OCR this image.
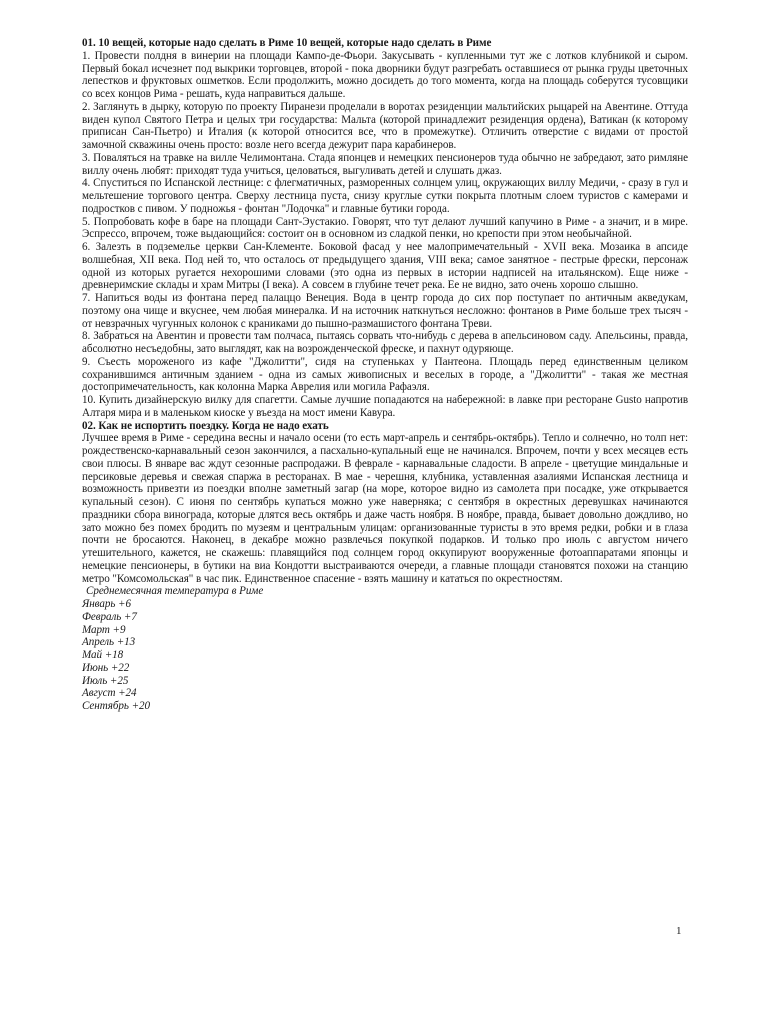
01. 10 вещей, которые надо сделать в Риме 10 вещей, которые надо сделать в Риме

1. Провести полдня в винерии на площади Кампо-де-Фьори. Закусывать - купленными тут же с лотков клубникой и сыром. Первый бокал исчезнет под выкрики торговцев, второй - пока дворники будут разгребать оставшиеся от рынка груды цветочных лепестков и фруктовых ошметков. Если продолжить, можно досидеть до того момента, когда на площадь соберутся тусовщики со всех концов Рима - решать, куда направиться дальше.

2. Заглянуть в дырку, которую по проекту Пиранези проделали в воротах резиденции мальтийских рыцарей на Авентине. Оттуда виден купол Святого Петра и целых три государства: Мальта (которой принадлежит резиденция ордена), Ватикан (к которому приписан Сан-Пьетро) и Италия (к которой относится все, что в промежутке). Отличить отверстие с видами от простой замочной скважины очень просто: возле него всегда дежурит пара карабинеров.

3. Поваляться на травке на вилле Челимонтана. Стада японцев и немецких пенсионеров туда обычно не забредают, зато римляне виллу очень любят: приходят туда учиться, целоваться, выгуливать детей и слушать джаз.

4. Спуститься по Испанской лестнице: с флегматичных, разморенных солнцем улиц, окружающих виллу Медичи, - сразу в гул и мельтешение торгового центра. Сверху лестница пуста, снизу круглые сутки покрыта плотным слоем туристов с камерами и подростков с пивом. У подножья - фонтан "Лодочка" и главные бутики города.

5. Попробовать кофе в баре на площади Сант-Эустакио. Говорят, что тут делают лучший капучино в Риме - а значит, и в мире. Эспрессо, впрочем, тоже выдающийся: состоит он в основном из сладкой пенки, но крепости при этом необычайной.

6. Залезть в подземелье церкви Сан-Клементе. Боковой фасад у нее малопримечательный - XVII века. Мозаика в апсиде волшебная, XII века. Под ней то, что осталось от предыдущего здания, VIII века; самое занятное - пестрые фрески, персонаж одной из которых ругается нехорошими словами (это одна из первых в истории надписей на итальянском). Еще ниже - древнеримские склады и храм Митры (I века). А совсем в глубине течет река. Ее не видно, зато очень хорошо слышно.

7. Напиться воды из фонтана перед палаццо Венеция. Вода в центр города до сих пор поступает по античным акведукам, поэтому она чище и вкуснее, чем любая минералка. И на источник наткнуться несложно: фонтанов в Риме больше трех тысяч - от невзрачных чугунных колонок с краниками до пышно-размашистого фонтана Треви.

8. Забраться на Авентин и провести там полчаса, пытаясь сорвать что-нибудь с дерева в апельсиновом саду. Апельсины, правда, абсолютно несъедобны, зато выглядят, как на возрожденческой фреске, и пахнут одуряюще.

9. Съесть мороженого из кафе "Джолитти", сидя на ступеньках у Пантеона. Площадь перед единственным целиком сохранившимся античным зданием - одна из самых живописных и веселых в городе, а "Джолитти" - такая же местная достопримечательность, как колонна Марка Аврелия или могила Рафаэля.

10. Купить дизайнерскую вилку для спагетти. Самые лучшие попадаются на набережной: в лавке при ресторане Gusto напротив Алтаря мира и в маленьком киоске у въезда на мост имени Кавура.

02. Как не испортить поездку. Когда не надо ехать

Лучшее время в Риме - середина весны и начало осени (то есть март-апрель и сентябрь-октябрь). Тепло и солнечно, но толп нет: рождественско-карнавальный сезон закончился, а пасхально-купальный еще не начинался. Впрочем, почти у всех месяцев есть свои плюсы. В январе вас ждут сезонные распродажи. В феврале - карнавальные сладости. В апреле - цветущие миндальные и персиковые деревья и свежая спаржа в ресторанах. В мае - черешня, клубника, уставленная азалиями Испанская лестница и возможность привезти из поездки вполне заметный загар (на море, которое видно из самолета при посадке, уже открывается купальный сезон). С июня по сентябрь купаться можно уже наверняка; с сентября в окрестных деревушках начинаются праздники сбора винограда, которые длятся весь октябрь и даже часть ноября. В ноябре, правда, бывает довольно дождливо, но зато можно без помех бродить по музеям и центральным улицам: организованные туристы в это время редки, робки и в глаза почти не бросаются. Наконец, в декабре можно развлечься покупкой подарков. И только про июль с августом ничего утешительного, кажется, не скажешь: плавящийся под солнцем город оккупируют вооруженные фотоаппаратами японцы и немецкие пенсионеры, в бутики на виа Кондотти выстраиваются очереди, а главные площади становятся похожи на станцию метро "Комсомольская" в час пик. Единственное спасение - взять машину и кататься по окрестностям.

Среднемесячная температура в Риме

Январь +6

Февраль +7

Март +9

Апрель +13

Май +18

Июнь +22

Июль +25

Август +24

Сентябрь +20

1
